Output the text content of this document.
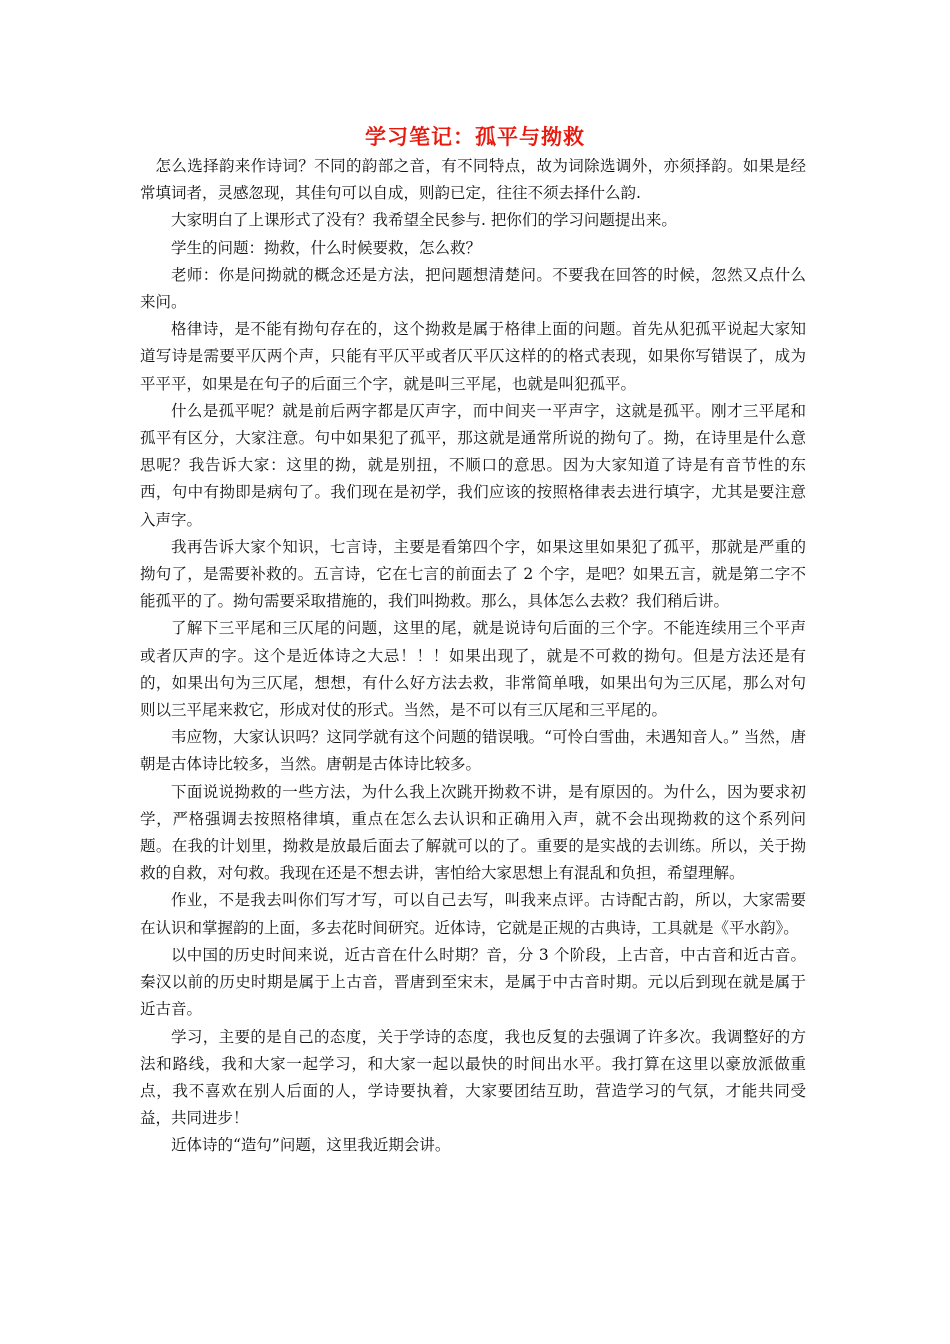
学习笔记：孤平与拗救

怎么选择韵来作诗词？不同的韵部之音，有不同特点，故为词除选调外，亦须择韵。如果是经常填词者，灵感忽现，其佳句可以自成，则韵已定，往往不须去择什么韵.

大家明白了上课形式了没有？我希望全民参与. 把你们的学习问题提出来。

学生的问题：拗救，什么时候要救，怎么救？

老师：你是问拗就的概念还是方法，把问题想清楚问。不要我在回答的时候，忽然又点什么来问。

格律诗，是不能有拗句存在的，这个拗救是属于格律上面的问题。首先从犯孤平说起大家知道写诗是需要平仄两个声，只能有平仄平或者仄平仄这样的的格式表现，如果你写错误了，成为平平平，如果是在句子的后面三个字，就是叫三平尾，也就是叫犯孤平。

什么是孤平呢？就是前后两字都是仄声字，而中间夹一平声字，这就是孤平。刚才三平尾和孤平有区分，大家注意。句中如果犯了孤平，那这就是通常所说的拗句了。拗，在诗里是什么意思呢？我告诉大家：这里的拗，就是别扭，不顺口的意思。因为大家知道了诗是有音节性的东西，句中有拗即是病句了。我们现在是初学，我们应该的按照格律表去进行填字，尤其是要注意入声字。

我再告诉大家个知识，七言诗，主要是看第四个字，如果这里如果犯了孤平，那就是严重的拗句了，是需要补救的。五言诗，它在七言的前面去了 2 个字，是吧？如果五言，就是第二字不能孤平的了。拗句需要采取措施的，我们叫拗救。那么，具体怎么去救？我们稍后讲。

了解下三平尾和三仄尾的问题，这里的尾，就是说诗句后面的三个字。不能连续用三个平声或者仄声的字。这个是近体诗之大忌！！！如果出现了，就是不可救的拗句。但是方法还是有的，如果出句为三仄尾，想想，有什么好方法去救，非常简单哦，如果出句为三仄尾，那么对句则以三平尾来救它，形成对仗的形式。当然，是不可以有三仄尾和三平尾的。

韦应物，大家认识吗？这同学就有这个问题的错误哦。“可怜白雪曲，未遇知音人。” 当然，唐朝是古体诗比较多，当然。唐朝是古体诗比较多。

下面说说拗救的一些方法，为什么我上次跳开拗救不讲，是有原因的。为什么，因为要求初学，严格强调去按照格律填，重点在怎么去认识和正确用入声，就不会出现拗救的这个系列问题。在我的计划里，拗救是放最后面去了解就可以的了。重要的是实战的去训练。所以，关于拗救的自救，对句救。我现在还是不想去讲，害怕给大家思想上有混乱和负担，希望理解。

作业，不是我去叫你们写才写，可以自己去写，叫我来点评。古诗配古韵，所以，大家需要在认识和掌握韵的上面，多去花时间研究。近体诗，它就是正规的古典诗，工具就是《平水韵》。

以中国的历史时间来说，近古音在什么时期？音，分 3 个阶段，上古音，中古音和近古音。秦汉以前的历史时期是属于上古音，晋唐到至宋末，是属于中古音时期。元以后到现在就是属于近古音。

学习，主要的是自己的态度，关于学诗的态度，我也反复的去强调了许多次。我调整好的方法和路线，我和大家一起学习，和大家一起以最快的时间出水平。我打算在这里以豪放派做重点，我不喜欢在别人后面的人，学诗要执着，大家要团结互助，营造学习的气氛，才能共同受益，共同进步！

近体诗的“造句”问题，这里我近期会讲。
